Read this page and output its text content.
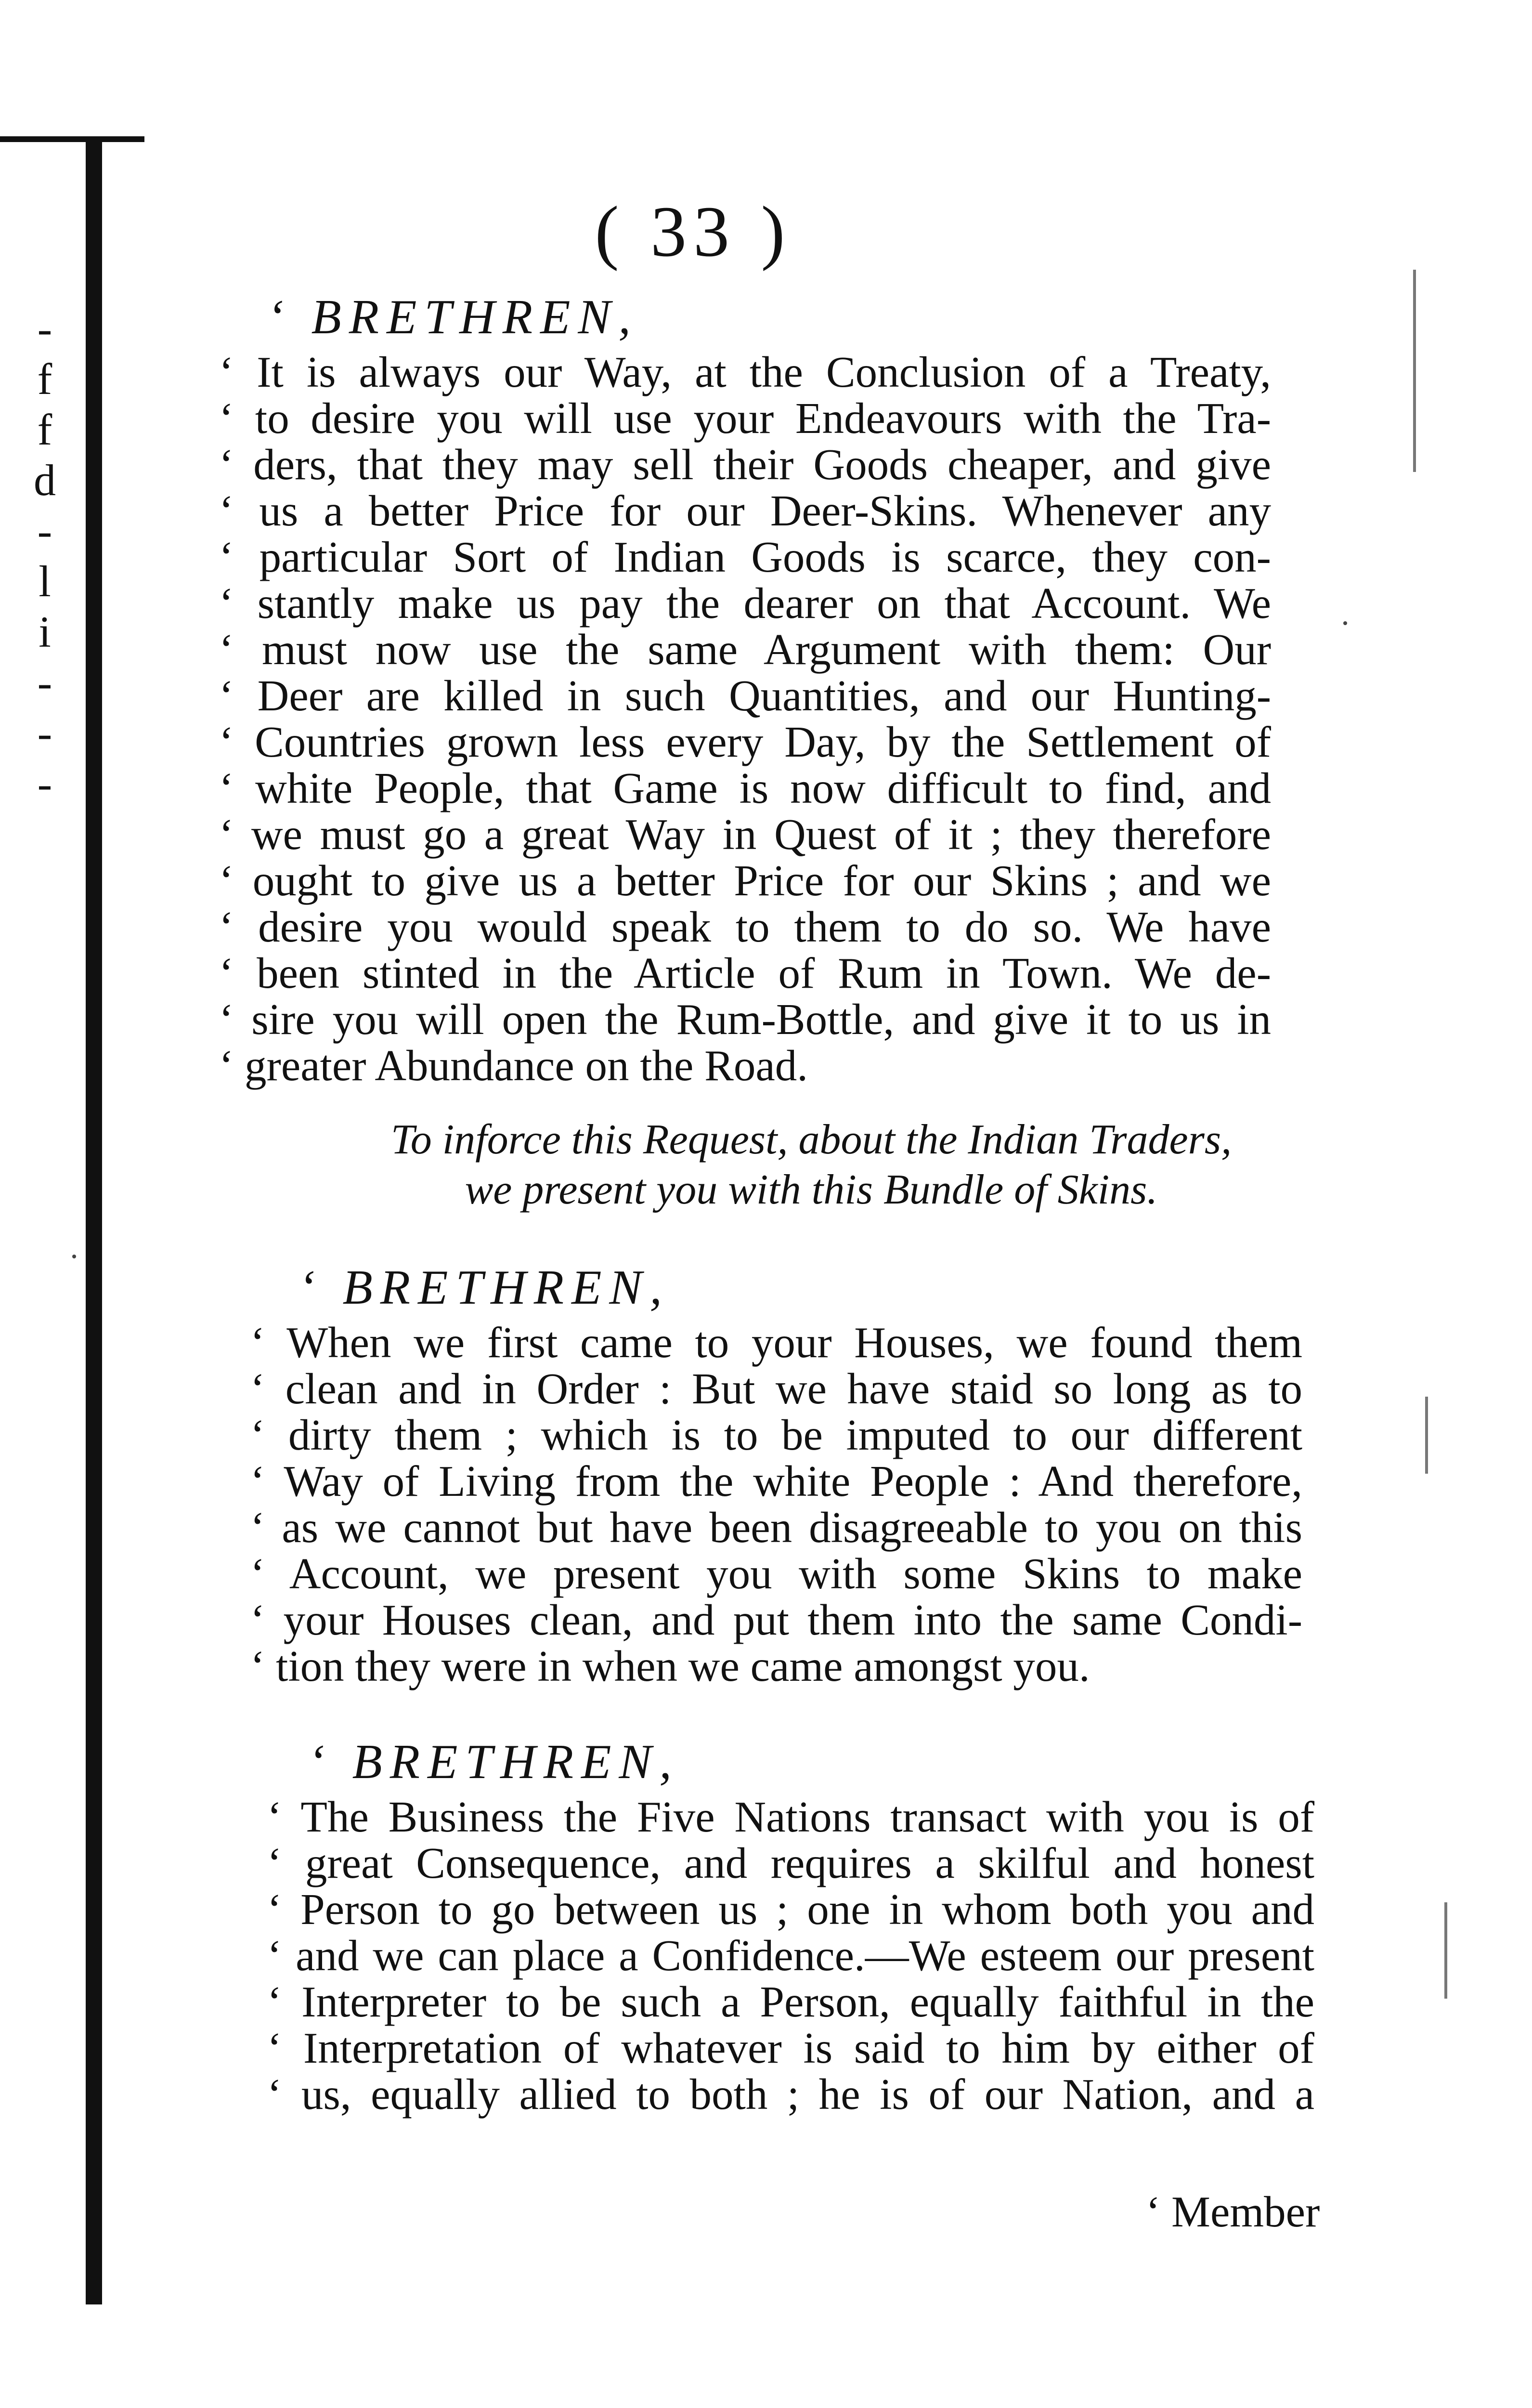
-
f
f
d
-
l
i
-
-
-
( 33 )
‘ BRETHREN,
‘ It is always our Way, at the Conclusion of a Treaty,
‘ to desire you will use your Endeavours with the Tra-
‘ ders, that they may sell their Goods cheaper, and give
‘ us a better Price for our Deer-Skins. Whenever any
‘ particular Sort of Indian Goods is scarce, they con-
‘ stantly make us pay the dearer on that Account. We
‘ must now use the same Argument with them: Our
‘ Deer are killed in such Quantities, and our Hunting-
‘ Countries grown less every Day, by the Settlement of
‘ white People, that Game is now difficult to find, and
‘ we must go a great Way in Quest of it ; they therefore
‘ ought to give us a better Price for our Skins ; and we
‘ desire you would speak to them to do so. We have
‘ been stinted in the Article of Rum in Town. We de-
‘ sire you will open the Rum-Bottle, and give it to us in
‘ greater Abundance on the Road.
To inforce this Request, about the Indian Traders,
we present you with this Bundle of Skins.
‘ BRETHREN,
‘ When we first came to your Houses, we found them
‘ clean and in Order : But we have staid so long as to
‘ dirty them ; which is to be imputed to our different
‘ Way of Living from the white People : And therefore,
‘ as we cannot but have been disagreeable to you on this
‘ Account, we present you with some Skins to make
‘ your Houses clean, and put them into the same Condi-
‘ tion they were in when we came amongst you.
‘ BRETHREN,
‘ The Business the Five Nations transact with you is of
‘ great Consequence, and requires a skilful and honest
‘ Person to go between us ; one in whom both you and
‘ and we can place a Confidence.—We esteem our present
‘ Interpreter to be such a Person, equally faithful in the
‘ Interpretation of whatever is said to him by either of
‘ us, equally allied to both ; he is of our Nation, and a
‘ Member
